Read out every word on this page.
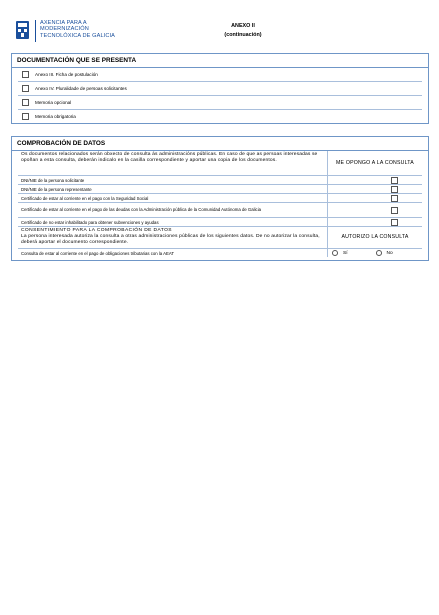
AXENCIA PARA A
MODERNIZACIÓN
TECNOLÓXICA DE GALICIA
ANEXO II
(continuación)
DOCUMENTACIÓN QUE SE PRESENTA
Anexo III. Ficha de postulación
Anexo IV. Pluralidade de persoas solicitantes
Memoria opcional
Memoria obrigatoria
COMPROBACIÓN DE DATOS
Os documentos relacionados serán obxecto de consulta ás administracións públicas. En caso de que as persoas interesadas se opoñan a esta consulta, deberán indicalo en la casilla correspondiente y aportar una copia de los documentos.	ME OPONGO A LA CONSULTA
DNI/NIE de la persona solicitante
DNI/NIE de la persona representante
Certificado de estar al corriente en el pago con la Seguridad Social
Certificado de estar al corriente en el pago de las deudas con la Administración pública de la Comunidad Autónoma de Galicia
Certificado de no estar inhabilitado para obtener subvenciones y ayudas
CONSENTIMIENTO PARA LA COMPROBACIÓN DE DATOS
La persona interesada autoriza la consulta a otras administraciones públicas de los siguientes datos. De no autorizar la consulta, deberá aportar el documento correspondiente.
AUTORIZO LA CONSULTA
Consulta de estar al corriente en el pago de obligaciones tributarias con la AEAT	Sí	No
